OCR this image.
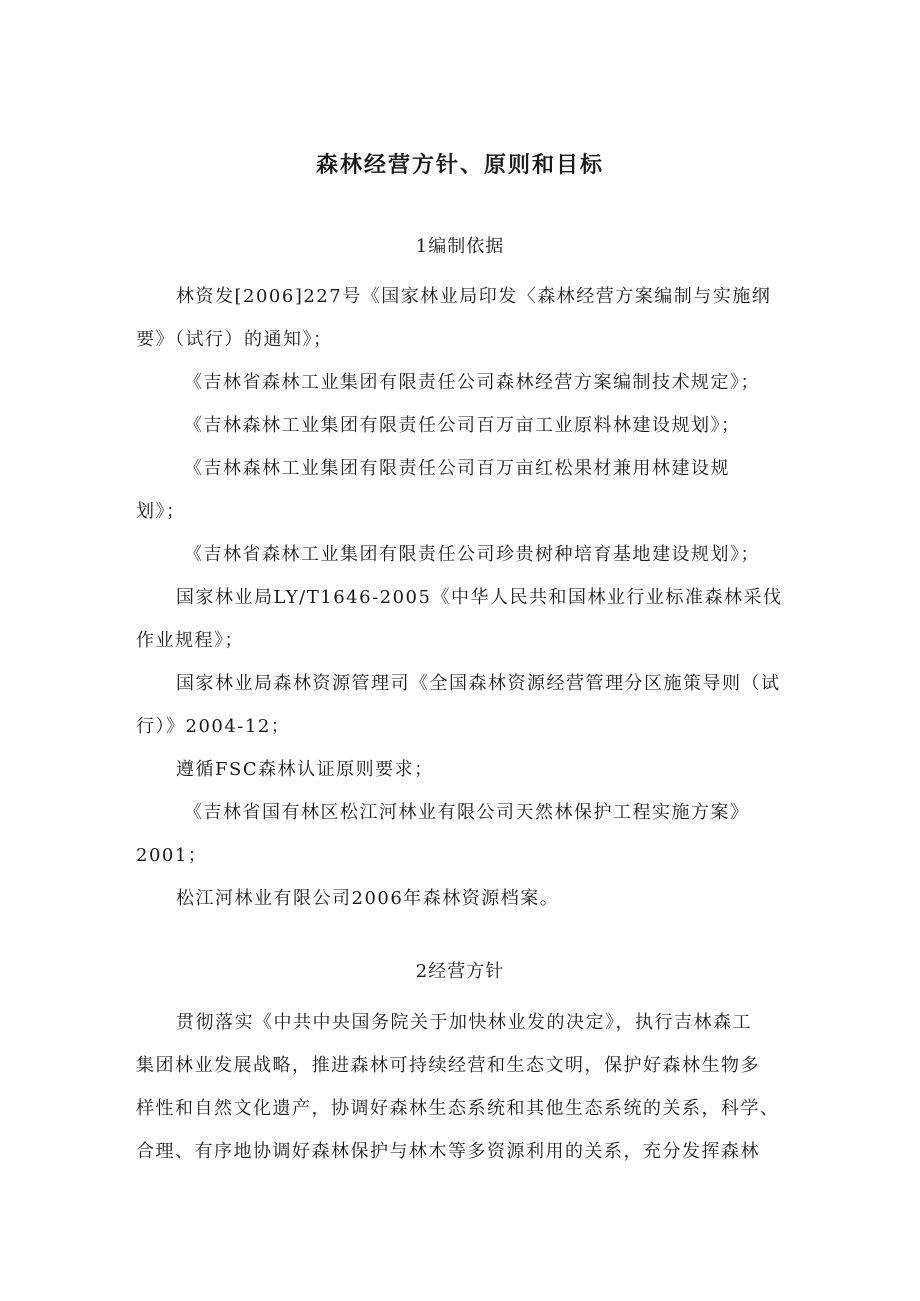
森林经营方针、原则和目标
1编制依据

林资发[2006]227号《国家林业局印发〈森林经营方案编制与实施纲

要》（试行）的通知》；

《吉林省森林工业集团有限责任公司森林经营方案编制技术规定》；

《吉林森林工业集团有限责任公司百万亩工业原料林建设规划》；

《吉林森林工业集团有限责任公司百万亩红松果材兼用林建设规

划》；

《吉林省森林工业集团有限责任公司珍贵树种培育基地建设规划》；

国家林业局LY/T1646-2005《中华人民共和国林业行业标准森林采伐

作业规程》；

国家林业局森林资源管理司《全国森林资源经营管理分区施策导则（试

行）》2004-12；

遵循FSC森林认证原则要求；

《吉林省国有林区松江河林业有限公司天然林保护工程实施方案》

2001；

松江河林业有限公司2006年森林资源档案。

2经营方针

贯彻落实《中共中央国务院关于加快林业发的决定》，执行吉林森工

集团林业发展战略，推进森林可持续经营和生态文明，保护好森林生物多

样性和自然文化遗产，协调好森林生态系统和其他生态系统的关系，科学、

合理、有序地协调好森林保护与林木等多资源利用的关系，充分发挥森林
